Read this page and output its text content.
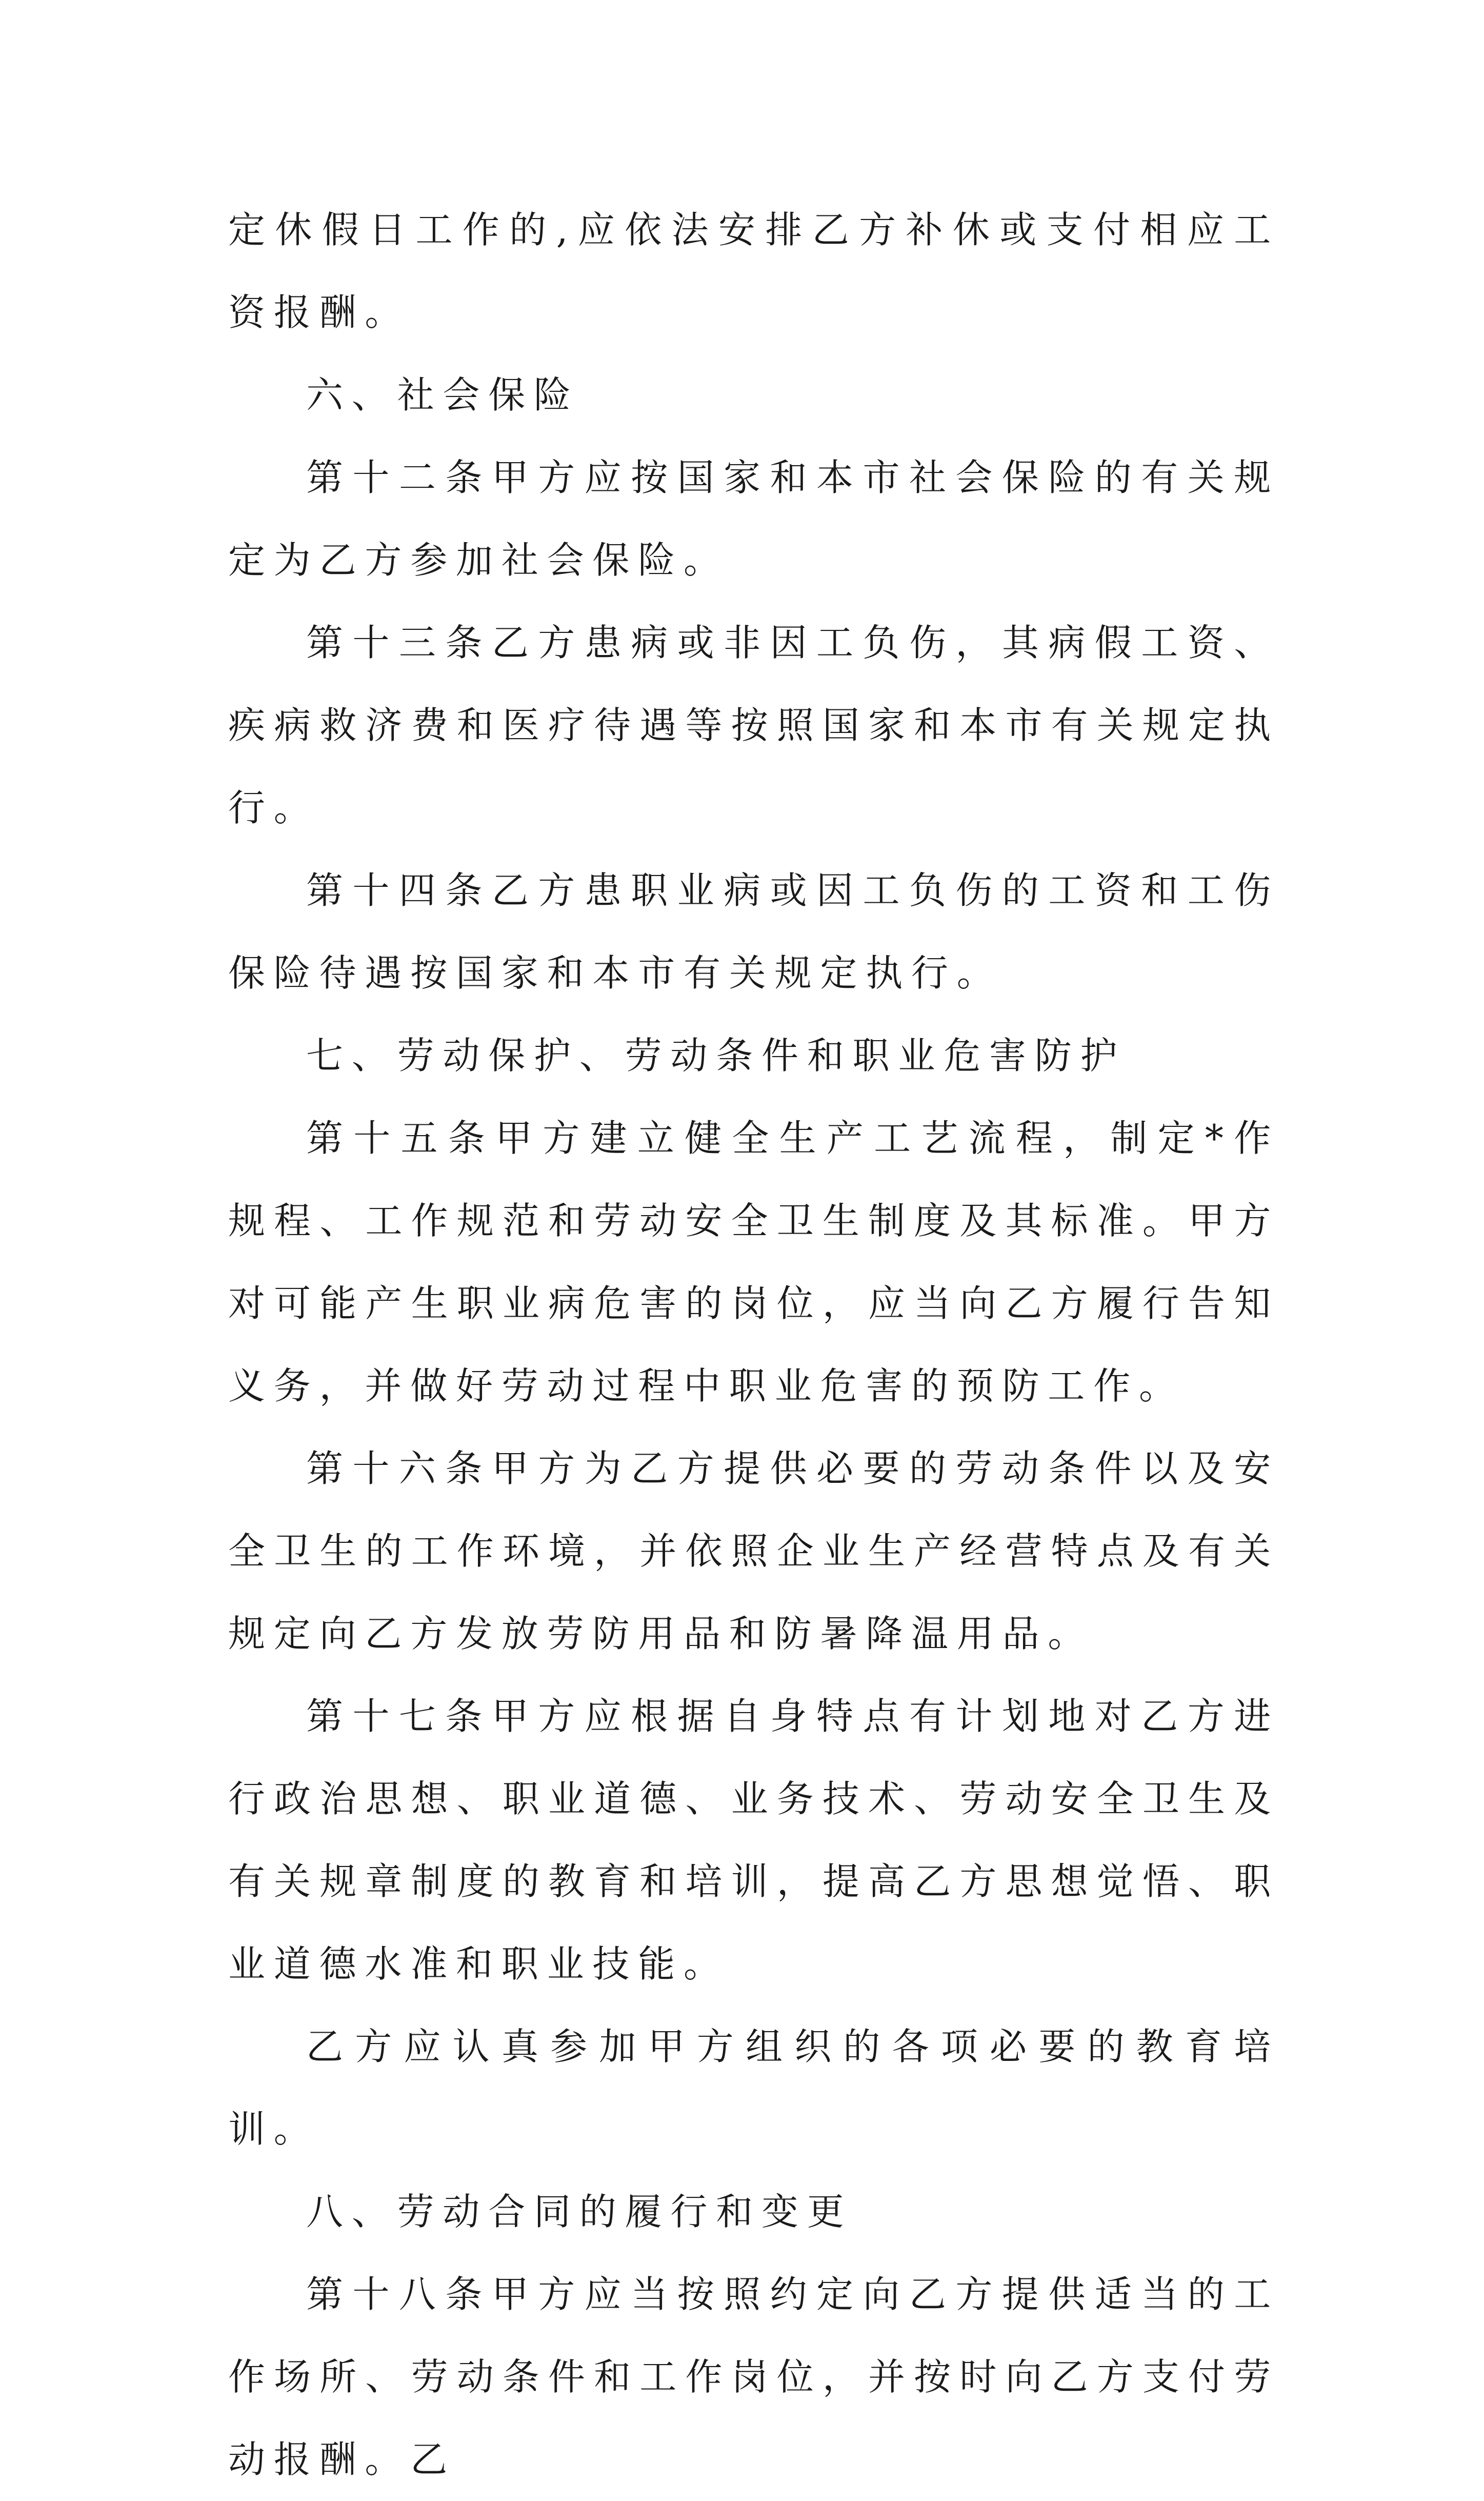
定休假日工作的,应依法安排乙方补休或支付相应工资报酬。

六、社会保险

第十二条甲方应按国家和本市社会保险的有关规定为乙方参加社会保险。

第十三条乙方患病或非因工负伤，其病假工资、疾病救济费和医疗待遇等按照国家和本市有关规定执行。

第十四条乙方患职业病或因工负伤的工资和工伤保险待遇按国家和本市有关规定执行。

七、劳动保护、劳动条件和职业危害防护

第十五条甲方建立健全生产工艺流程，制定*作规程、工作规范和劳动安全卫生制度及其标准。甲方对可能产生职业病危害的岗位，应当向乙方履行告知义务，并做好劳动过程中职业危害的预防工作。

第十六条甲方为乙方提供必要的劳动条件以及安全卫生的工作环境，并依照企业生产经营特点及有关规定向乙方发放劳防用品和防暑降温用品。

第十七条甲方应根据自身特点有计划地对乙方进行政治思想、职业道德、业务技术、劳动安全卫生及有关规章制度的教育和培训，提高乙方思想觉悟、职业道德水准和职业技能。

乙方应认真参加甲方组织的各项必要的教育培训。

八、劳动合同的履行和变更

第十八条甲方应当按照约定向乙方提供适当的工作场所、劳动条件和工作岗位，并按时向乙方支付劳动报酬。乙
